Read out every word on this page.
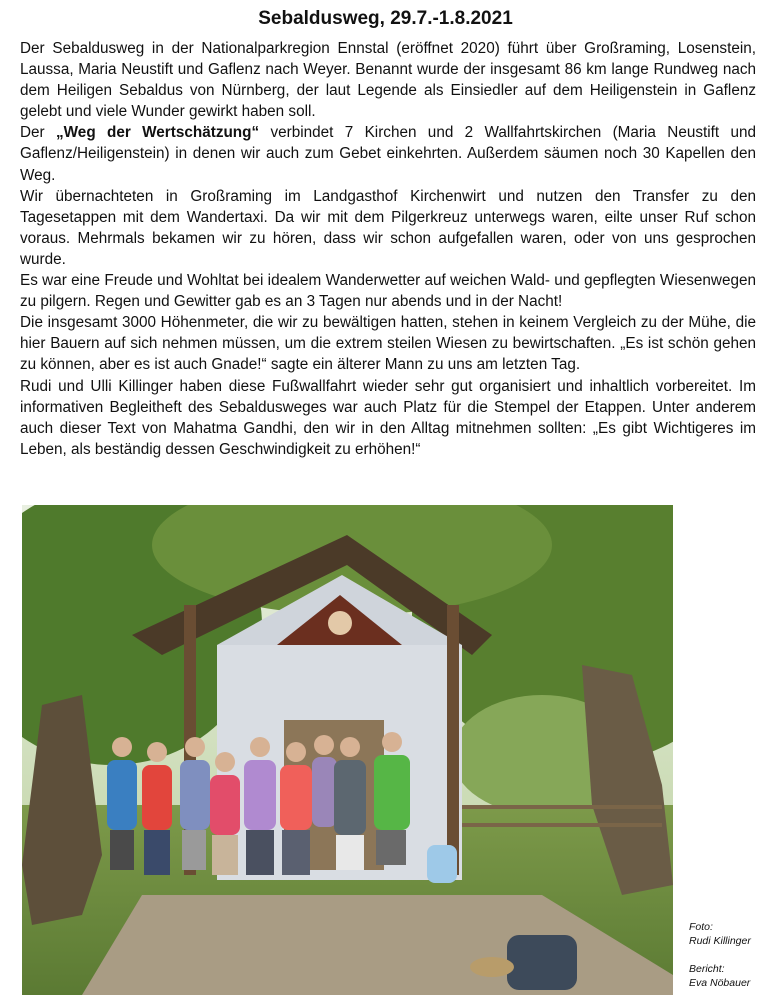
Sebaldusweg, 29.7.-1.8.2021

Der Sebaldusweg in der Nationalparkregion Ennstal (eröffnet 2020) führt über Großraming, Losenstein, Laussa, Maria Neustift und Gaflenz nach Weyer. Benannt wurde der insgesamt 86 km lange Rundweg nach dem Heiligen Sebaldus von Nürnberg, der laut Legende als Einsiedler auf dem Heiligenstein in Gaflenz gelebt und viele Wunder gewirkt haben soll.

Der „Weg der Wertschätzung“ verbindet 7 Kirchen und 2 Wallfahrtskirchen (Maria Neustift und Gaflenz/Heiligenstein) in denen wir auch zum Gebet einkehrten. Außerdem säumen noch 30 Kapellen den Weg.

Wir übernachteten in Großraming im Landgasthof Kirchenwirt und nutzen den Transfer zu den Tagesetappen mit dem Wandertaxi. Da wir mit dem Pilgerkreuz unterwegs waren, eilte unser Ruf schon voraus. Mehrmals bekamen wir zu hören, dass wir schon aufgefallen waren, oder von uns gesprochen wurde.

Es war eine Freude und Wohltat bei idealem Wanderwetter auf weichen Wald- und gepflegten Wiesenwegen zu pilgern. Regen und Gewitter gab es an 3 Tagen nur abends und in der Nacht!

Die insgesamt 3000 Höhenmeter, die wir zu bewältigen hatten, stehen in keinem Vergleich zu der Mühe, die hier Bauern auf sich nehmen müssen, um die extrem steilen Wiesen zu bewirtschaften. „Es ist schön gehen zu können, aber es ist auch Gnade!“ sagte ein älterer Mann zu uns am letzten Tag.

Rudi und Ulli Killinger haben diese Fußwallfahrt wieder sehr gut organisiert und inhaltlich vorbereitet. Im informativen Begleitheft des Sebaldusweges war auch Platz für die Stempel der Etappen. Unter anderem auch dieser Text von Mahatma Gandhi, den wir in den Alltag mitnehmen sollten: „Es gibt Wichtigeres im Leben, als beständig dessen Geschwindigkeit zu erhöhen!“

Foto:
Rudi Killinger
Bericht:
Eva Nöbauer
